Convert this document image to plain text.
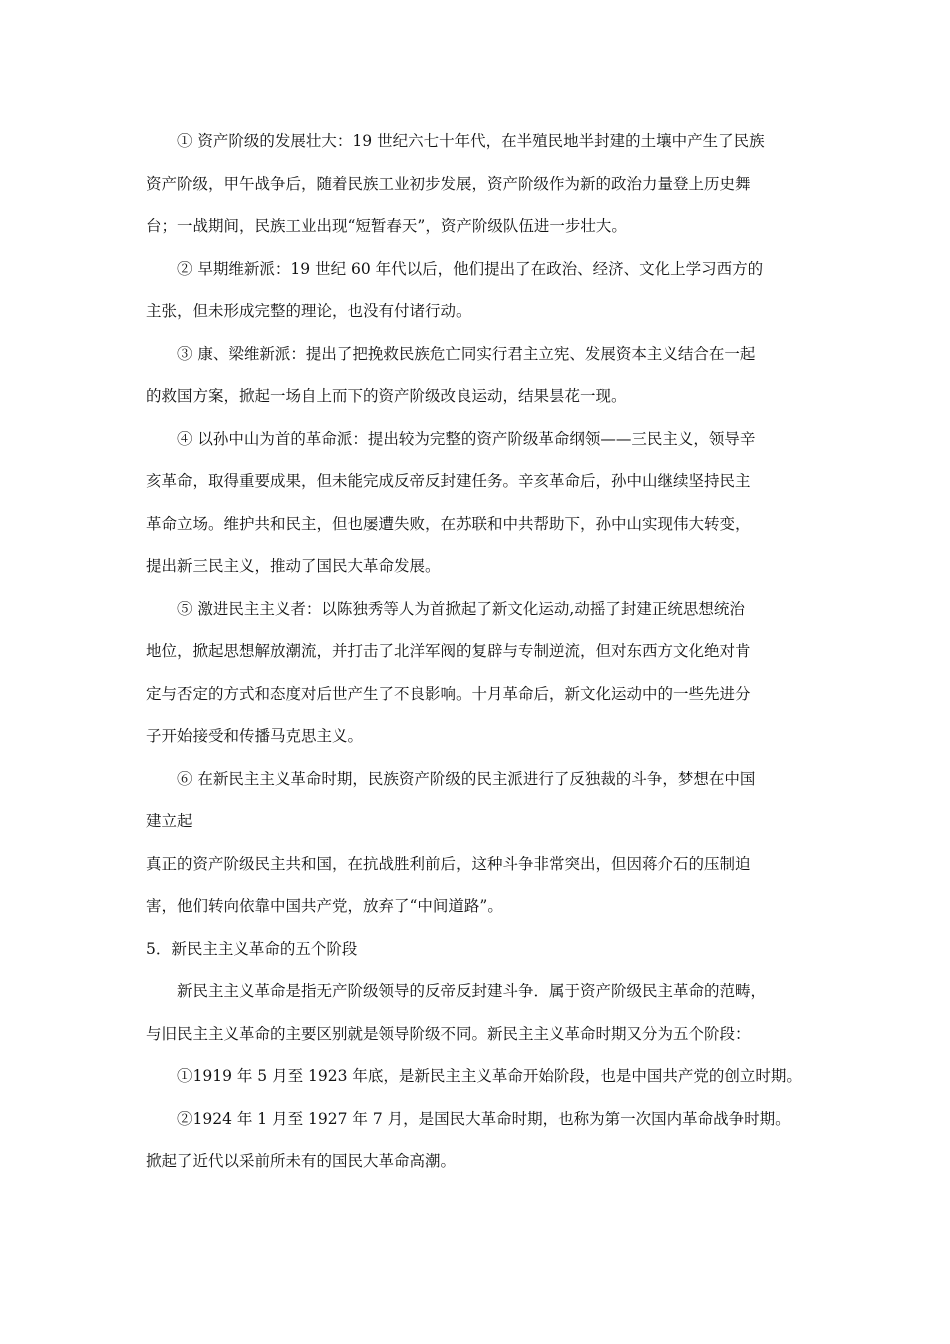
① 资产阶级的发展壮大：19 世纪六七十年代，在半殖民地半封建的土壤中产生了民族
资产阶级，甲午战争后，随着民族工业初步发展，资产阶级作为新的政治力量登上历史舞
台；一战期间，民族工业出现“短暂春天”，资产阶级队伍进一步壮大。
② 早期维新派：19 世纪 60 年代以后，他们提出了在政治、经济、文化上学习西方的
主张，但未形成完整的理论，也没有付诸行动。
③ 康、梁维新派：提出了把挽救民族危亡同实行君主立宪、发展资本主义结合在一起
的救国方案，掀起一场自上而下的资产阶级改良运动，结果昙花一现。
④ 以孙中山为首的革命派：提出较为完整的资产阶级革命纲领——三民主义，领导辛
亥革命，取得重要成果，但未能完成反帝反封建任务。辛亥革命后，孙中山继续坚持民主
革命立场。维护共和民主，但也屡遭失败，在苏联和中共帮助下，孙中山实现伟大转变，
提出新三民主义，推动了国民大革命发展。
⑤ 激进民主主义者：以陈独秀等人为首掀起了新文化运动,动摇了封建正统思想统治
地位，掀起思想解放潮流，并打击了北洋军阀的复辟与专制逆流，但对东西方文化绝对肯
定与否定的方式和态度对后世产生了不良影响。十月革命后，新文化运动中的一些先进分
子开始接受和传播马克思主义。
⑥ 在新民主主义革命时期，民族资产阶级的民主派进行了反独裁的斗争，梦想在中国
建立起
真正的资产阶级民主共和国，在抗战胜利前后，这种斗争非常突出，但因蒋介石的压制迫
害，他们转向依靠中国共产党，放弃了“中间道路”。
5．新民主主义革命的五个阶段
新民主主义革命是指无产阶级领导的反帝反封建斗争．属于资产阶级民主革命的范畴，
与旧民主主义革命的主要区别就是领导阶级不同。新民主主义革命时期又分为五个阶段：
①1919 年 5 月至 1923 年底，是新民主主义革命开始阶段，也是中国共产党的创立时期。
②1924 年 1 月至 1927 年 7 月，是国民大革命时期，也称为第一次国内革命战争时期。
掀起了近代以采前所未有的国民大革命高潮。
